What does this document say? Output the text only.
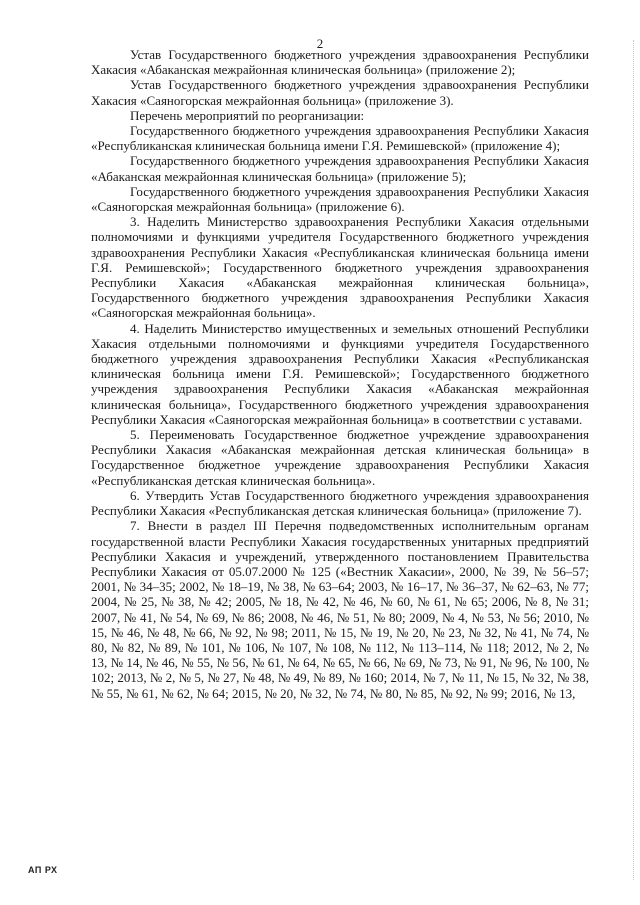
2

Устав Государственного бюджетного учреждения здравоохранения Республики Хакасия «Абаканская межрайонная клиническая больница» (приложение 2);

Устав Государственного бюджетного учреждения здравоохранения Республики Хакасия «Саяногорская межрайонная больница» (приложение 3).

Перечень мероприятий по реорганизации:

Государственного бюджетного учреждения здравоохранения Республики Хакасия «Республиканская клиническая больница имени Г.Я. Ремишевской» (приложение 4);

Государственного бюджетного учреждения здравоохранения Республики Хакасия «Абаканская межрайонная клиническая больница» (приложение 5);

Государственного бюджетного учреждения здравоохранения Республики Хакасия «Саяногорская межрайонная больница» (приложение 6).

3. Наделить Министерство здравоохранения Республики Хакасия отдельными полномочиями и функциями учредителя Государственного бюджетного учреждения здравоохранения Республики Хакасия «Республиканская клиническая больница имени Г.Я. Ремишевской»; Государственного бюджетного учреждения здравоохранения Республики Хакасия «Абаканская межрайонная клиническая больница», Государственного бюджетного учреждения здравоохранения Республики Хакасия «Саяногорская межрайонная больница».

4. Наделить Министерство имущественных и земельных отношений Республики Хакасия отдельными полномочиями и функциями учредителя Государственного бюджетного учреждения здравоохранения Республики Хакасия «Республиканская клиническая больница имени Г.Я. Ремишевской»; Государственного бюджетного учреждения здравоохранения Республики Хакасия «Абаканская межрайонная клиническая больница», Государственного бюджетного учреждения здравоохранения Республики Хакасия «Саяногорская межрайонная больница» в соответствии с уставами.

5. Переименовать Государственное бюджетное учреждение здравоохранения Республики Хакасия «Абаканская межрайонная детская клиническая больница» в Государственное бюджетное учреждение здравоохранения Республики Хакасия «Республиканская детская клиническая больница».

6. Утвердить Устав Государственного бюджетного учреждения здравоохранения Республики Хакасия «Республиканская детская клиническая больница» (приложение 7).

7. Внести в раздел III Перечня подведомственных исполнительным органам государственной власти Республики Хакасия государственных унитарных предприятий Республики Хакасия и учреждений, утвержденного постановлением Правительства Республики Хакасия от 05.07.2000 № 125 («Вестник Хакасии», 2000, № 39, № 56–57; 2001, № 34–35; 2002, № 18–19, № 38, № 63–64; 2003, № 16–17, № 36–37, № 62–63, № 77; 2004, № 25, № 38, № 42; 2005, № 18, № 42, № 46, № 60, № 61, № 65; 2006, № 8, № 31; 2007, № 41, № 54, № 69, № 86; 2008, № 46, № 51, № 80; 2009, № 4, № 53, № 56; 2010, № 15, № 46, № 48, № 66, № 92, № 98; 2011, № 15, № 19, № 20, № 23, № 32, № 41, № 74, № 80, № 82, № 89, № 101, № 106, № 107, № 108, № 112, № 113–114, № 118; 2012, № 2, № 13, № 14, № 46, № 55, № 56, № 61, № 64, № 65, № 66, № 69, № 73, № 91, № 96, № 100, № 102; 2013, № 2, № 5, № 27, № 48, № 49, № 89, № 160; 2014, № 7, № 11, № 15, № 32, № 38, № 55, № 61, № 62, № 64; 2015, № 20, № 32, № 74, № 80, № 85, № 92, № 99; 2016, № 13,

АП РХ
